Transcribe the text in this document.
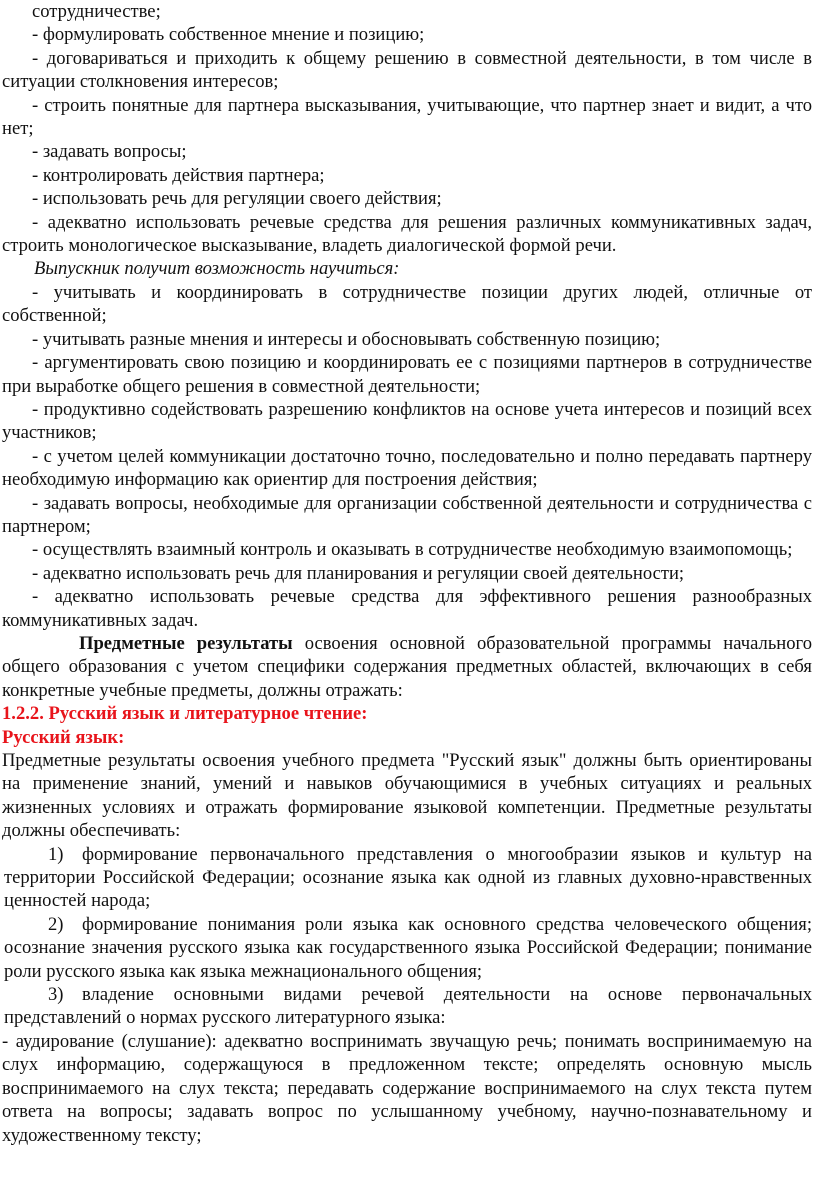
сотрудничестве;

- формулировать собственное мнение и позицию;

- договариваться и приходить к общему решению в совместной деятельности, в том числе в ситуации столкновения интересов;

- строить понятные для партнера высказывания, учитывающие, что партнер знает и видит, а что нет;

- задавать вопросы;

- контролировать действия партнера;

- использовать речь для регуляции своего действия;

- адекватно использовать речевые средства для решения различных коммуникативных задач, строить монологическое высказывание, владеть диалогической формой речи.

Выпускник получит возможность научиться:

- учитывать и координировать в сотрудничестве позиции других людей, отличные от собственной;

- учитывать разные мнения и интересы и обосновывать собственную позицию;

- аргументировать свою позицию и координировать ее с позициями партнеров в сотрудничестве при выработке общего решения в совместной деятельности;

- продуктивно содействовать разрешению конфликтов на основе учета интересов и позиций всех участников;

- с учетом целей коммуникации достаточно точно, последовательно и полно передавать партнеру необходимую информацию как ориентир для построения действия;

- задавать вопросы, необходимые для организации собственной деятельности и сотрудничества с партнером;

- осуществлять взаимный контроль и оказывать в сотрудничестве необходимую взаимопомощь;

- адекватно использовать речь для планирования и регуляции своей деятельности;

- адекватно использовать речевые средства для эффективного решения разнообразных коммуникативных задач.

Предметные результаты освоения основной образовательной программы начального общего образования с учетом специфики содержания предметных областей, включающих в себя конкретные учебные предметы, должны отражать:

1.2.2. Русский язык и литературное чтение:

Русский язык:

Предметные результаты освоения учебного предмета "Русский язык" должны быть ориентированы на применение знаний, умений и навыков обучающимися в учебных ситуациях и реальных жизненных условиях и отражать формирование языковой компетенции. Предметные результаты должны обеспечивать:

1) формирование первоначального представления о многообразии языков и культур на территории Российской Федерации; осознание языка как одной из главных духовно-нравственных ценностей народа;

2) формирование понимания роли языка как основного средства человеческого общения; осознание значения русского языка как государственного языка Российской Федерации; понимание роли русского языка как языка межнационального общения;

3) владение основными видами речевой деятельности на основе первоначальных представлений о нормах русского литературного языка:

- аудирование (слушание): адекватно воспринимать звучащую речь; понимать воспринимаемую на слух информацию, содержащуюся в предложенном тексте; определять основную мысль воспринимаемого на слух текста; передавать содержание воспринимаемого на слух текста путем ответа на вопросы; задавать вопрос по услышанному учебному, научно-познавательному и художественному тексту;
